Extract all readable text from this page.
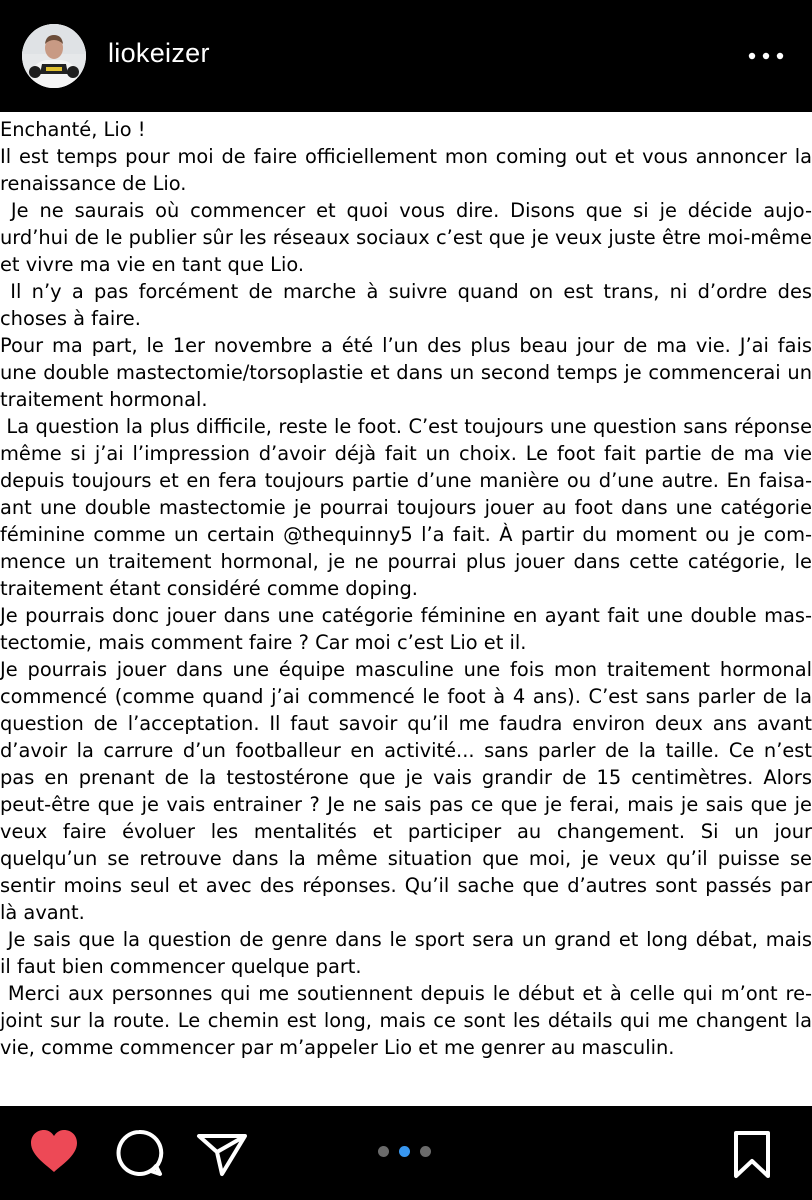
liokeizer
Enchanté, Lio !
Il est temps pour moi de faire officiellement mon coming out et vous annoncer la
renaissance de Lio.
Je ne saurais où commencer et quoi vous dire. Disons que si je décide aujo-
urd’hui de le publier sûr les réseaux sociaux c’est que je veux juste être moi-même
et vivre ma vie en tant que Lio.
Il n’y a pas forcément de marche à suivre quand on est trans, ni d’ordre des
choses à faire.
Pour ma part, le 1er novembre a été l’un des plus beau jour de ma vie. J’ai fais
une double mastectomie/torsoplastie et dans un second temps je commencerai un
traitement hormonal.
La question la plus difficile, reste le foot. C’est toujours une question sans réponse
même si j’ai l’impression d’avoir déjà fait un choix. Le foot fait partie de ma vie
depuis toujours et en fera toujours partie d’une manière ou d’une autre. En faisa-
ant une double mastectomie je pourrai toujours jouer au foot dans une catégorie
féminine comme un certain @thequinny5 l’a fait. À partir du moment ou je com-
mence un traitement hormonal, je ne pourrai plus jouer dans cette catégorie, le
traitement étant considéré comme doping.
Je pourrais donc jouer dans une catégorie féminine en ayant fait une double mas-
tectomie, mais comment faire ? Car moi c’est Lio et il.
Je pourrais jouer dans une équipe masculine une fois mon traitement hormonal
commencé (comme quand j’ai commencé le foot à 4 ans). C’est sans parler de la
question de l’acceptation. Il faut savoir qu’il me faudra environ deux ans avant
d’avoir la carrure d’un footballeur en activité... sans parler de la taille. Ce n’est
pas en prenant de la testostérone que je vais grandir de 15 centimètres. Alors
peut-être que je vais entrainer ? Je ne sais pas ce que je ferai, mais je sais que je
veux faire évoluer les mentalités et participer au changement. Si un jour
quelqu’un se retrouve dans la même situation que moi, je veux qu’il puisse se
sentir moins seul et avec des réponses. Qu’il sache que d’autres sont passés par
là avant.
Je sais que la question de genre dans le sport sera un grand et long débat, mais
il faut bien commencer quelque part.
Merci aux personnes qui me soutiennent depuis le début et à celle qui m’ont re-
joint sur la route. Le chemin est long, mais ce sont les détails qui me changent la
vie, comme commencer par m’appeler Lio et me genrer au masculin.
